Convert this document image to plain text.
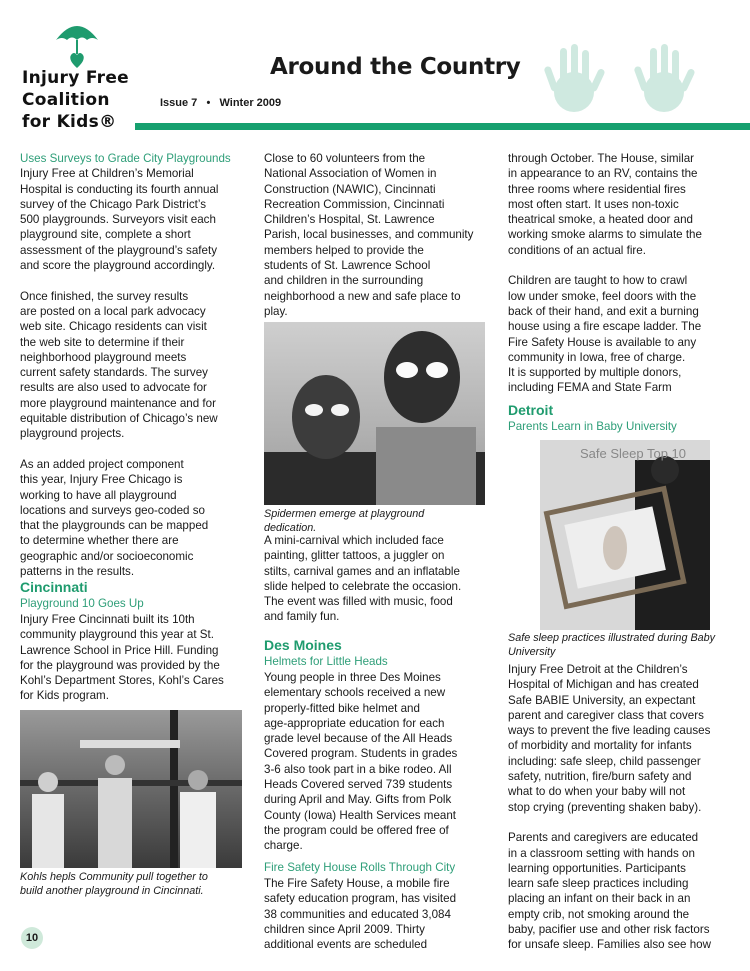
Injury Free
Coalition
for Kids®
Around the Country
Issue 7   •   Winter 2009
Uses Surveys to Grade City Playgrounds
Injury Free at Children’s Memorial
Hospital is conducting its fourth annual
survey of the Chicago Park District’s
500 playgrounds. Surveyors visit each
playground site, complete a short
assessment of the playground’s safety
and score the playground accordingly.
Once finished, the survey results
are posted on a local park advocacy
web site. Chicago residents can visit
the web site to determine if their
neighborhood playground meets
current safety standards. The survey
results are also used to advocate for
more playground maintenance and for
equitable distribution of Chicago’s new
playground projects.
As an added project component
this year, Injury Free Chicago is
working to have all playground
locations and surveys geo-coded so
that the playgrounds can be mapped
to determine whether there are
geographic and/or socioeconomic
patterns in the results.
Cincinnati
Playground 10 Goes Up
Injury Free Cincinnati built its 10th
community playground this year at St.
Lawrence School in Price Hill. Funding
for the playground was provided by the
Kohl’s Department Stores, Kohl’s Cares
for Kids program.
Kohls hepls Community pull together to
build another playground in Cincinnati.
Close to 60 volunteers from the
National Association of Women in
Construction (NAWIC), Cincinnati
Recreation Commission, Cincinnati
Children’s Hospital, St. Lawrence
Parish, local businesses, and community
members helped to provide the
students of St. Lawrence School
and children in the surrounding
neighborhood a new and safe place to
play.
Spidermen emerge at playground
dedication.
A mini-carnival which included face
painting, glitter tattoos, a juggler on
stilts, carnival games and an inflatable
slide helped to celebrate the occasion.
The event was filled with music, food
and family fun.
Des Moines
Helmets for Little Heads
Young people in three Des Moines
elementary schools received a new
properly-fitted bike helmet and
age-appropriate education for each
grade level because of the All Heads
Covered program. Students in grades
3-6 also took part in a bike rodeo. All
Heads Covered served 739 students
during April and May. Gifts from Polk
County (Iowa) Health Services meant
the program could be offered free of
charge.
Fire Safety House Rolls Through City
The Fire Safety House, a mobile fire
safety education program, has visited
38 communities and educated 3,084
children since April 2009. Thirty
additional events are scheduled
through October. The House, similar
in appearance to an RV, contains the
three rooms where residential fires
most often start. It uses non-toxic
theatrical smoke, a heated door and
working smoke alarms to simulate the
conditions of an actual fire.
Children are taught to how to crawl
low under smoke, feel doors with the
back of their hand, and exit a burning
house using a fire escape ladder. The
Fire Safety House is available to any
community in Iowa, free of charge.
It is supported by multiple donors,
including FEMA and State Farm
Detroit
Parents Learn in Baby University
Safe Sleep Top 10
Safe sleep practices illustrated during Baby
University
Injury Free Detroit at the Children’s
Hospital of Michigan and has created
Safe BABIE University, an expectant
parent and caregiver class that covers
ways to prevent the five leading causes
of morbidity and mortality for infants
including: safe sleep, child passenger
safety, nutrition, fire/burn safety and
what to do when your baby will not
stop crying (preventing shaken baby).
Parents and caregivers are educated
in a classroom setting with hands on
learning opportunities. Participants
learn safe sleep practices including
placing an infant on their back in an
empty crib, not smoking around the
baby, pacifier use and other risk factors
for unsafe sleep. Families also see how
10
